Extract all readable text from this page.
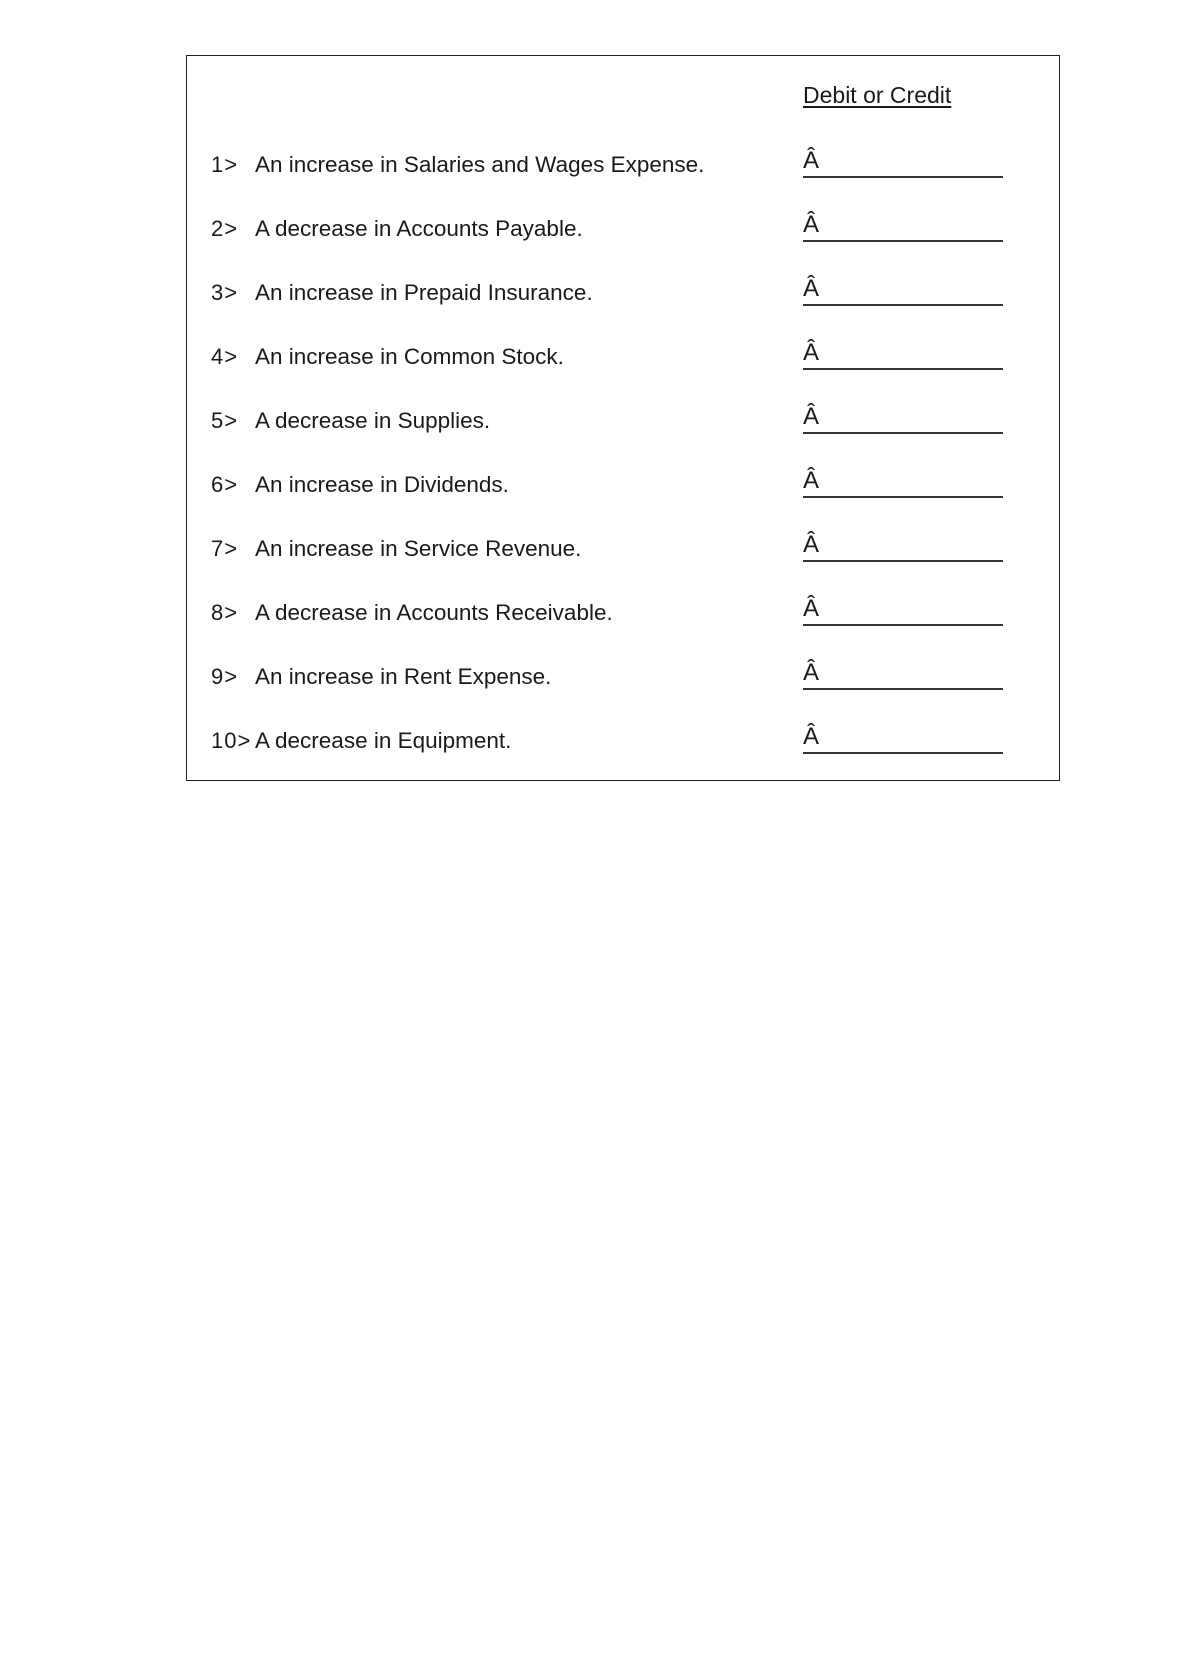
Debit or Credit
1> An increase in Salaries and Wages Expense.	Â
2> A decrease in Accounts Payable.	Â
3> An increase in Prepaid Insurance.	Â
4> An increase in Common Stock.	Â
5> A decrease in Supplies.	Â
6> An increase in Dividends.	Â
7> An increase in Service Revenue.	Â
8> A decrease in Accounts Receivable.	Â
9> An increase in Rent Expense.	Â
10> A decrease in Equipment.	Â
